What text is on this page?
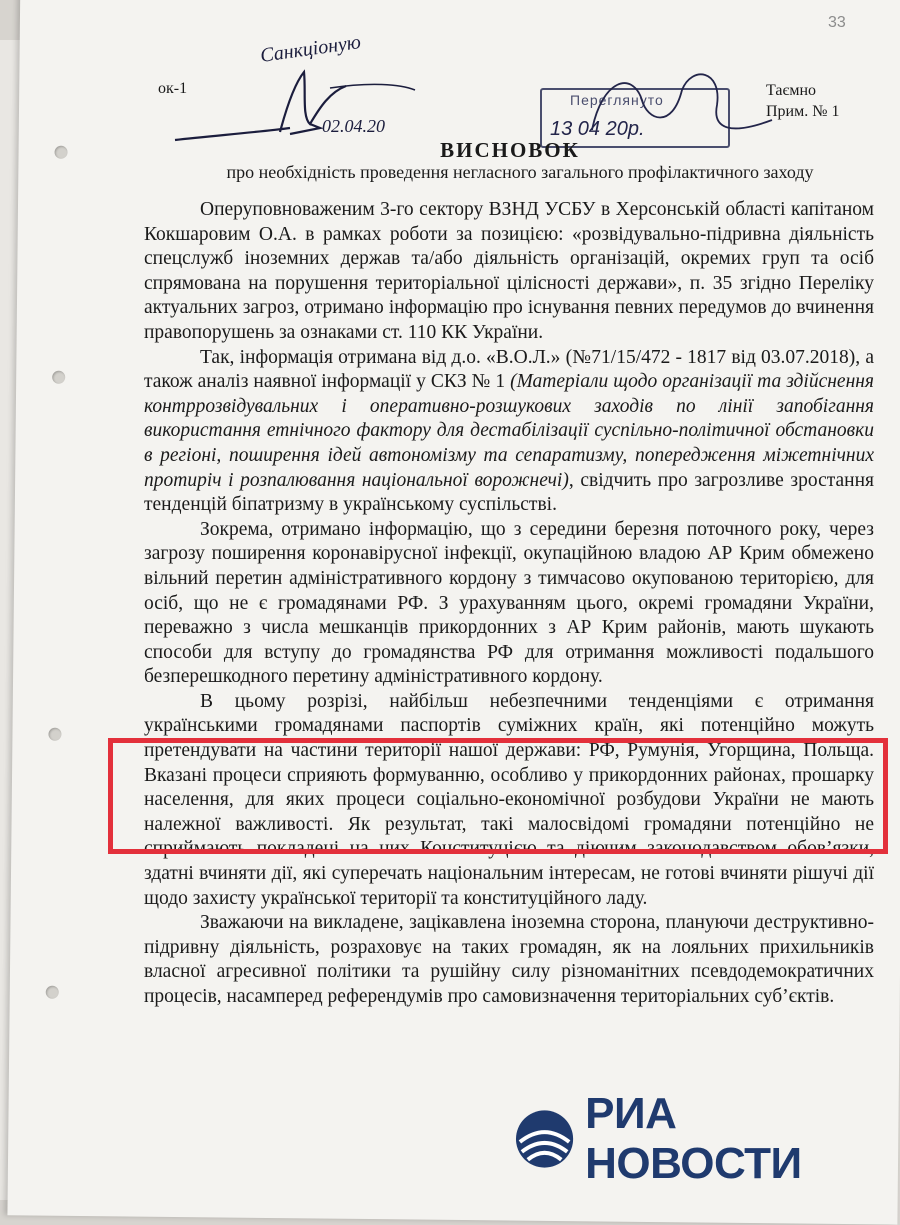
33
ок-1
Санкціоную
02.04.20
Переглянуто
13 04 20р.
Таємно
Прим. № 1
ВИСНОВОК
про необхідність проведення негласного загального профілактичного заходу

Оперуповноваженим 3-го сектору ВЗНД УСБУ в Херсонській області капітаном Кокшаровим О.А. в рамках роботи за позицією: «розвідувально-підривна діяльність спецслужб іноземних держав та/або діяльність організацій, окремих груп та осіб спрямована на порушення територіальної цілісності держави», п. 35 згідно Переліку актуальних загроз, отримано інформацію про існування певних передумов до вчинення правопорушень за ознаками ст. 110 КК України.

Так, інформація отримана від д.о. «В.О.Л.» (№71/15/472 - 1817 від 03.07.2018), а також аналіз наявної інформації у СКЗ № 1 (Матеріали щодо організації та здійснення контррозвідувальних і оперативно-розшукових заходів по лінії запобігання використання етнічного фактору для дестабілізації суспільно-політичної обстановки в регіоні, поширення ідей автономізму та сепаратизму, попередження міжетнічних протиріч і розпалювання національної ворожнечі), свідчить про загрозливе зростання тенденцій біпатризму в українському суспільстві.

Зокрема, отримано інформацію, що з середини березня поточного року, через загрозу поширення коронавірусної інфекції, окупаційною владою АР Крим обмежено вільний перетин адміністративного кордону з тимчасово окупованою територією, для осіб, що не є громадянами РФ. З урахуванням цього, окремі громадяни України, переважно з числа мешканців прикордонних з АР Крим районів, мають шукають способи для вступу до громадянства РФ для отримання можливості подальшого безперешкодного перетину адміністративного кордону.

В цьому розрізі, найбільш небезпечними тенденціями є отримання українськими громадянами паспортів суміжних країн, які потенційно можуть претендувати на частини території нашої держави: РФ, Румунія, Угорщина, Польща. Вказані процеси сприяють формуванню, особливо у прикордонних районах, прошарку населення, для яких процеси соціально-економічної розбудови України не мають належної важливості. Як результат, такі малосвідомі громадяни потенційно не сприймають покладені на них Конституцією та діючим законодавством обов’язки, здатні вчиняти дії, які суперечать національним інтересам, не готові вчиняти рішучі дії щодо захисту української території та конституційного ладу.

Зважаючи на викладене, зацікавлена іноземна сторона, плануючи деструктивно-підривну діяльність, розраховує на таких громадян, як на лояльних прихильників власної агресивної політики та рушійну силу різноманітних псевдодемократичних процесів, насамперед референдумів про самовизначення територіальних суб’єктів.

РИА НОВОСТИ
